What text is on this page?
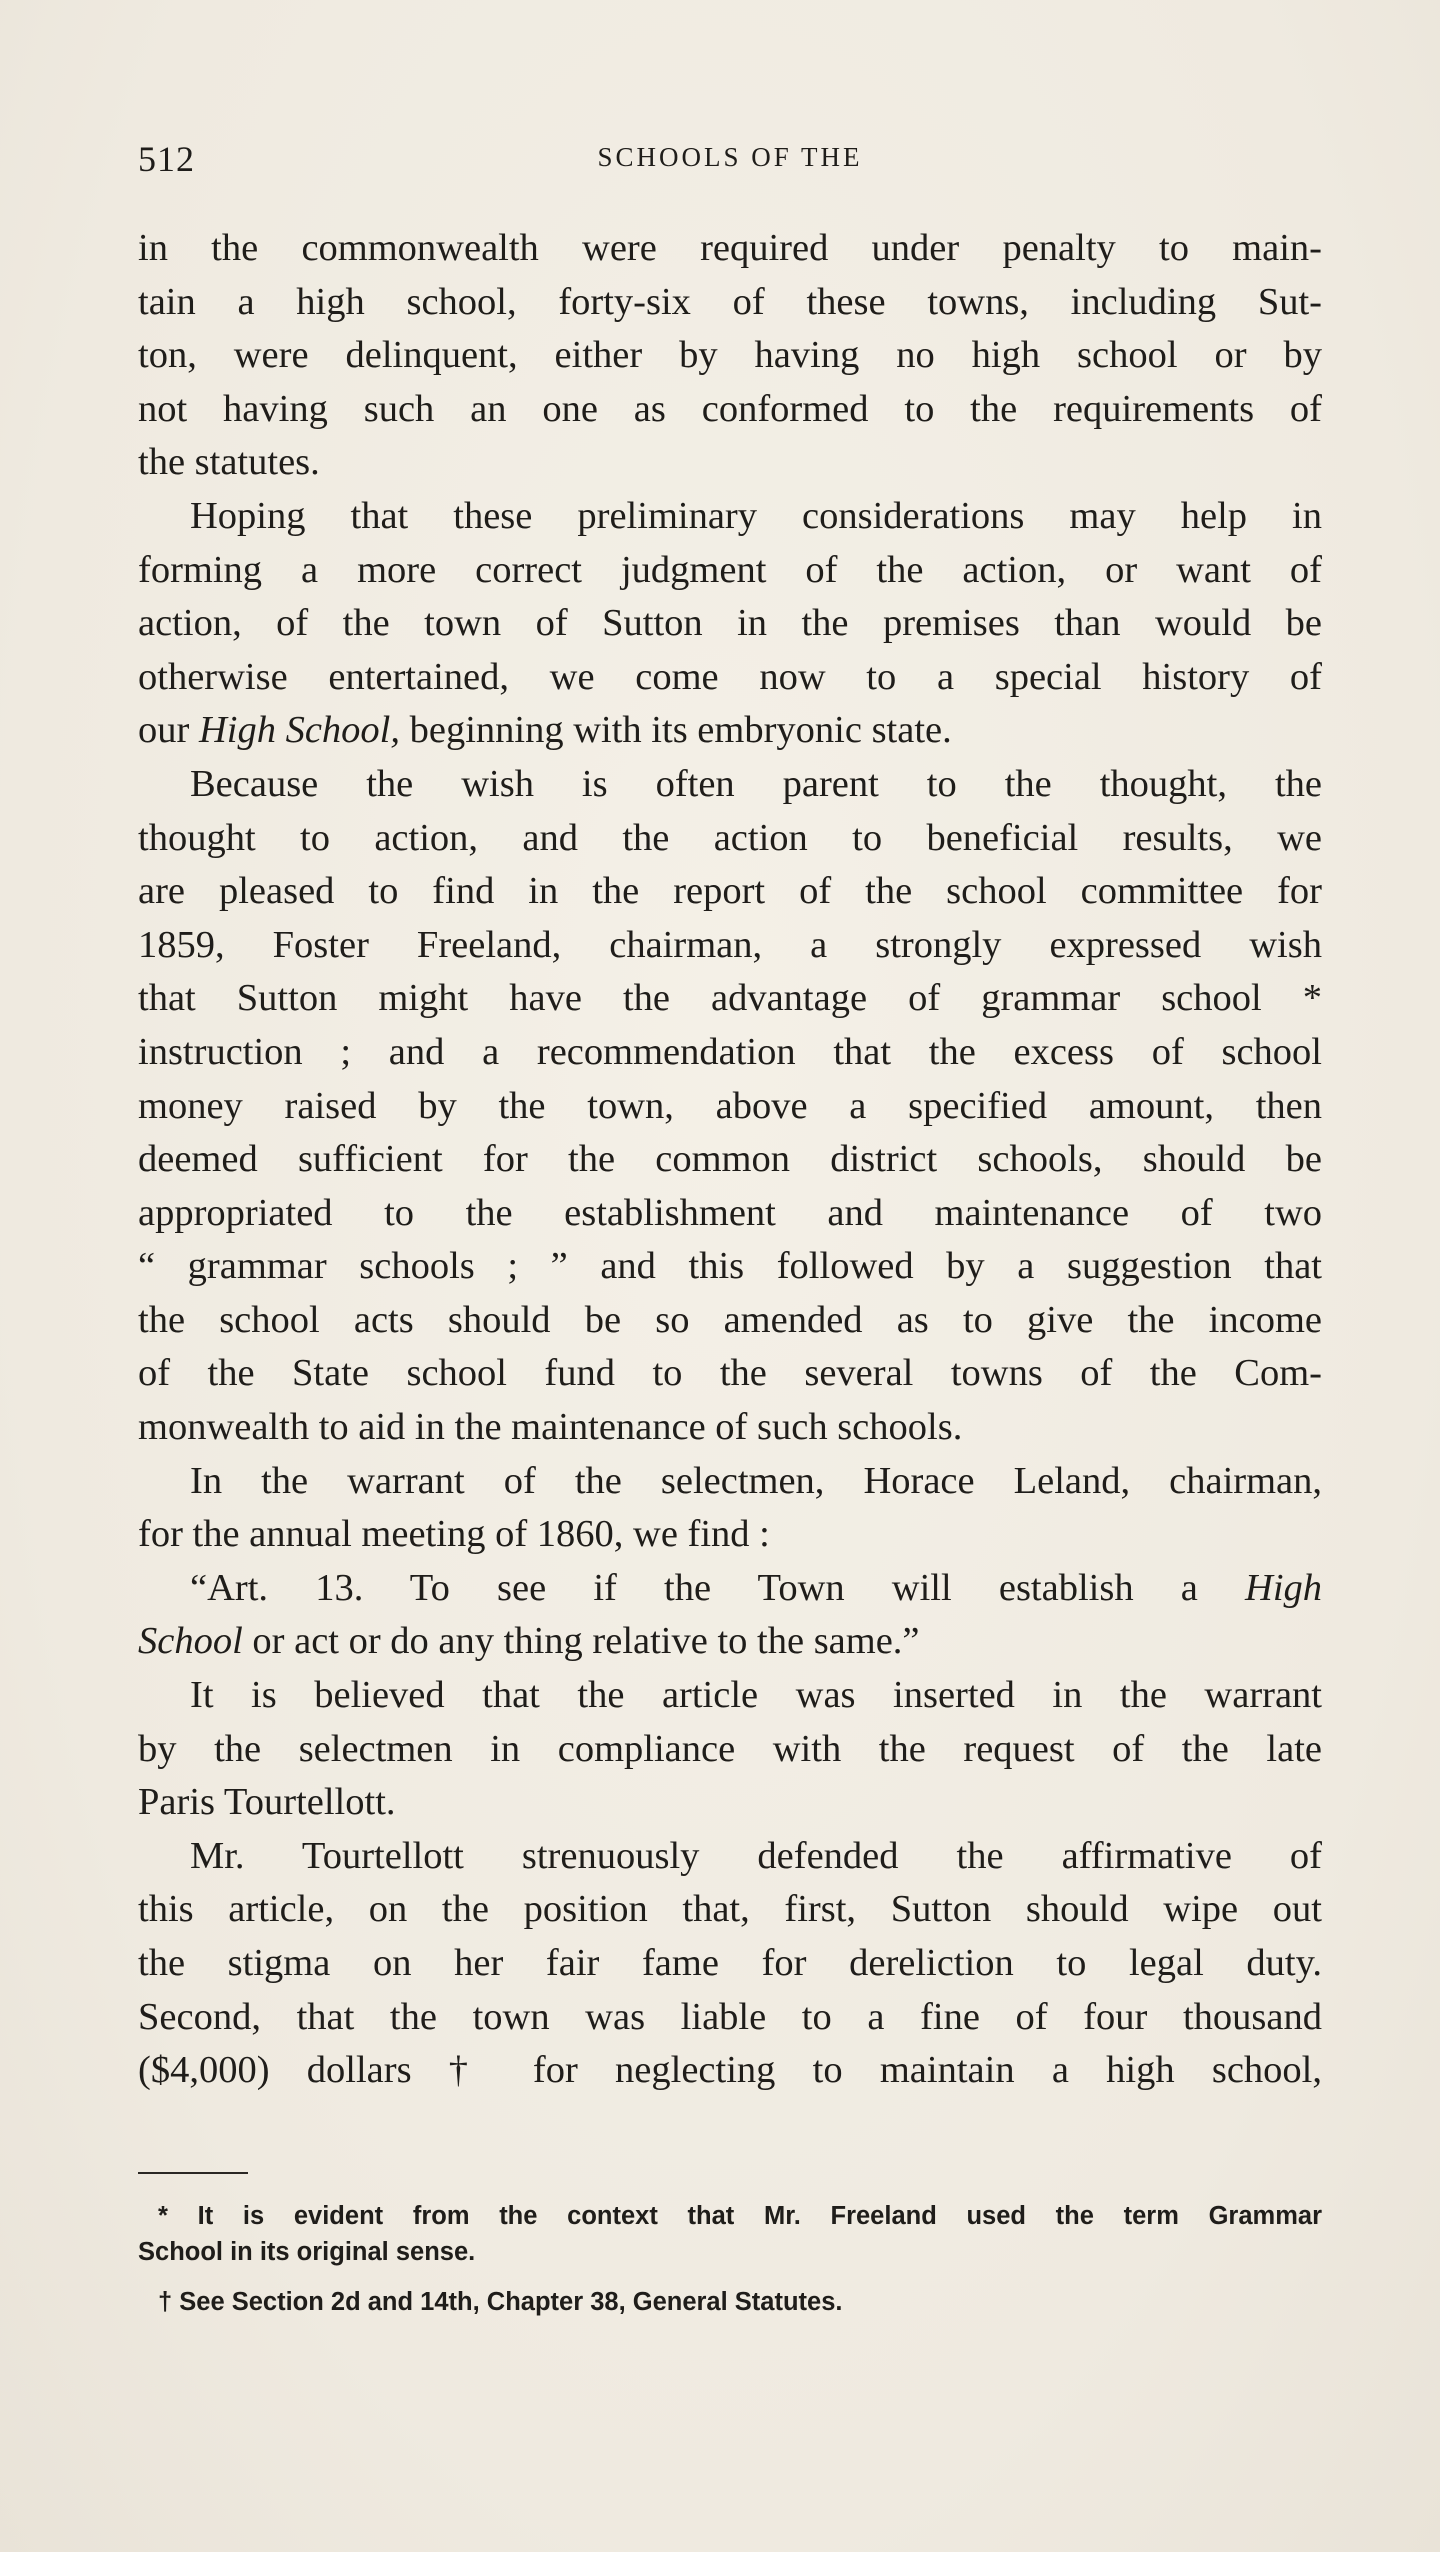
512	SCHOOLS OF THE
in the commonwealth were required under penalty to main-
tain a high school, forty-six of these towns, including Sut-
ton, were delinquent, either by having no high school or by
not having such an one as conformed to the requirements of
the statutes.
Hoping that these preliminary considerations may help in
forming a more correct judgment of the action, or want of
action, of the town of Sutton in the premises than would be
otherwise entertained, we come now to a special history of
our High School, beginning with its embryonic state.
Because the wish is often parent to the thought, the
thought to action, and the action to beneficial results, we
are pleased to find in the report of the school committee for
1859, Foster Freeland, chairman, a strongly expressed wish
that Sutton might have the advantage of grammar school *
instruction ; and a recommendation that the excess of school
money raised by the town, above a specified amount, then
deemed sufficient for the common district schools, should be
appropriated to the establishment and maintenance of two
“ grammar schools ; ” and this followed by a suggestion that
the school acts should be so amended as to give the income
of the State school fund to the several towns of the Com-
monwealth to aid in the maintenance of such schools.
In the warrant of the selectmen, Horace Leland, chairman,
for the annual meeting of 1860, we find :
“Art. 13. To see if the Town will establish a High
School or act or do any thing relative to the same.”
It is believed that the article was inserted in the warrant
by the selectmen in compliance with the request of the late
Paris Tourtellott.
Mr. Tourtellott strenuously defended the affirmative of
this article, on the position that, first, Sutton should wipe out
the stigma on her fair fame for dereliction to legal duty.
Second, that the town was liable to a fine of four thousand
($4,000) dollars † for neglecting to maintain a high school,
* It is evident from the context that Mr. Freeland used the term Grammar
School in its original sense.
† See Section 2d and 14th, Chapter 38, General Statutes.
